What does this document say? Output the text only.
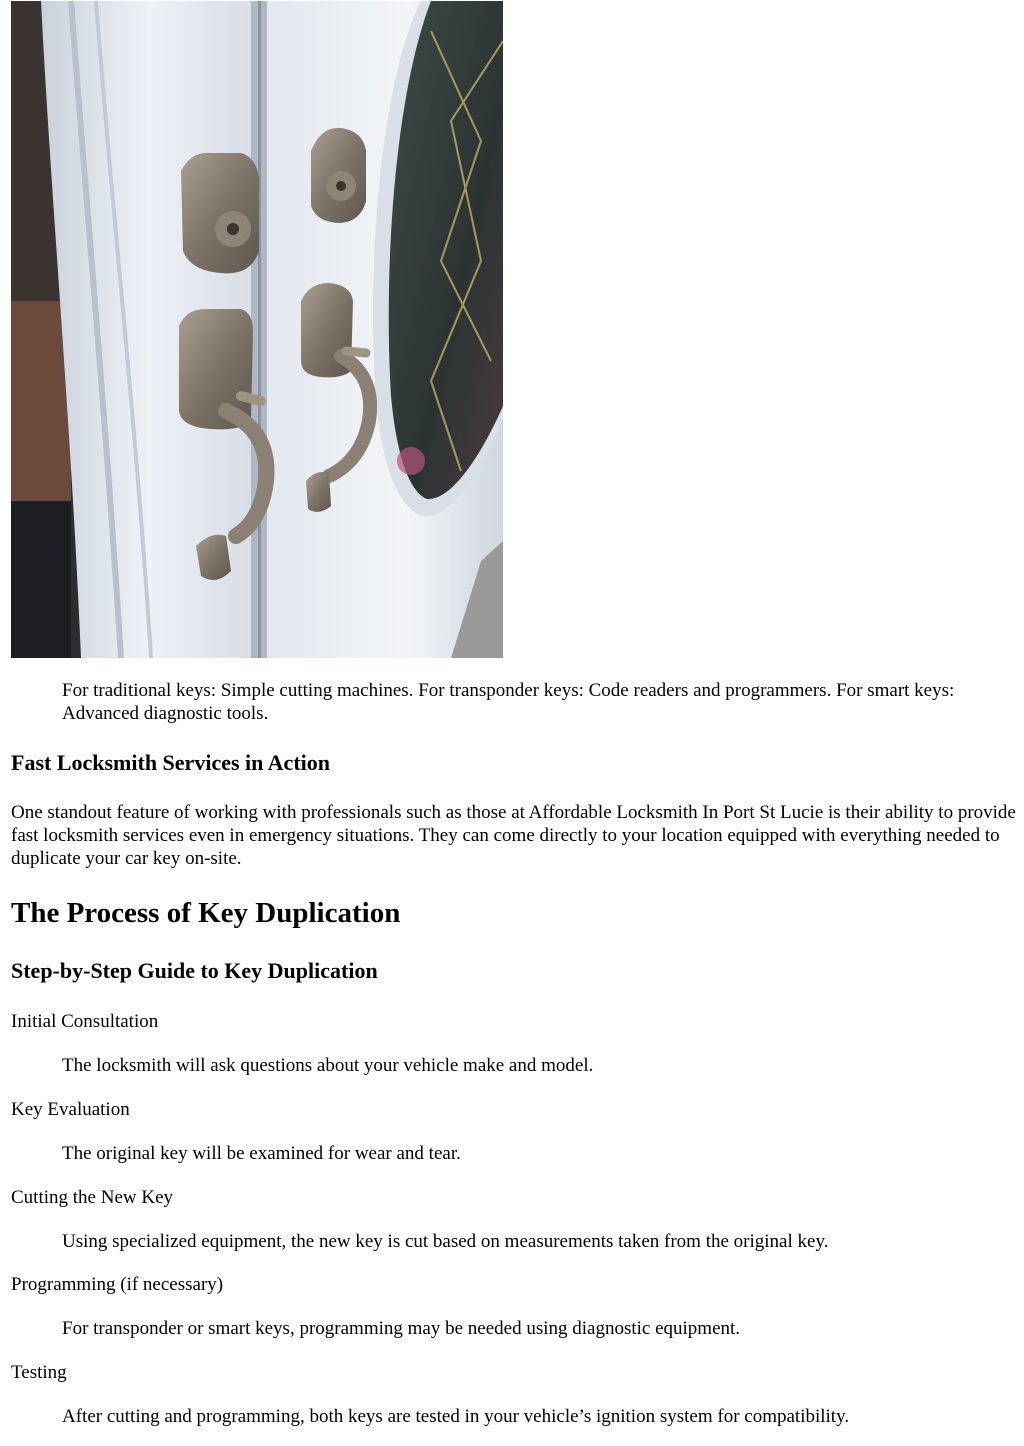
For traditional keys: Simple cutting machines. For transponder keys: Code readers and programmers. For smart keys: Advanced diagnostic tools.

Fast Locksmith Services in Action

One standout feature of working with professionals such as those at Affordable Locksmith In Port St Lucie is their ability to provide fast locksmith services even in emergency situations. They can come directly to your location equipped with everything needed to duplicate your car key on-site.

The Process of Key Duplication
Step-by-Step Guide to Key Duplication

Initial Consultation

The locksmith will ask questions about your vehicle make and model.

Key Evaluation

The original key will be examined for wear and tear.

Cutting the New Key

Using specialized equipment, the new key is cut based on measurements taken from the original key.

Programming (if necessary)

For transponder or smart keys, programming may be needed using diagnostic equipment.

Testing

After cutting and programming, both keys are tested in your vehicle’s ignition system for compatibility.
